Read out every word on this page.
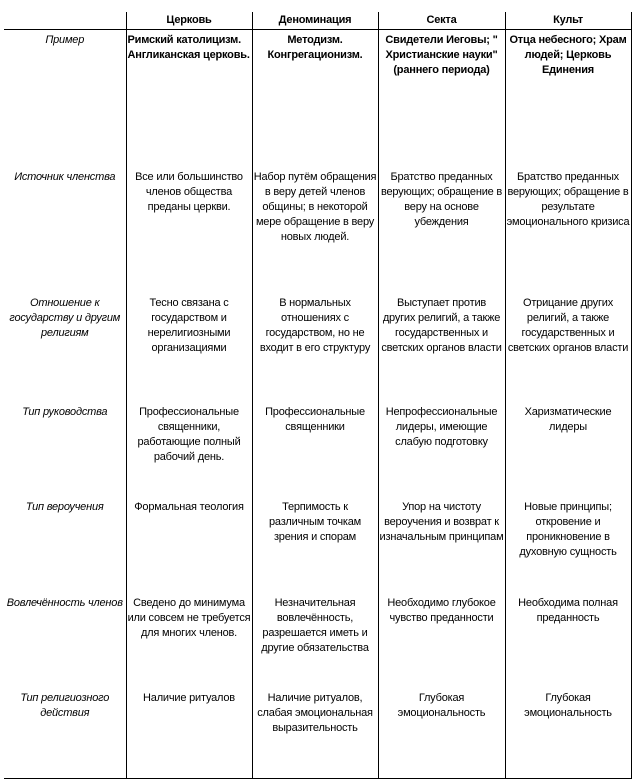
	Церковь	Деноминация	Секта	Культ
Пример	Римский католицизм. Англиканская церковь.	Методизм. Конгрегационизм.	Свидетели Иеговы; " Христианские науки" (раннего периода)	Отца небесного; Храм людей; Церковь Единения
Источник членства	Все или большинство членов общества преданы церкви.	Набор путём обращения в веру детей членов общины; в некоторой мере обращение в веру новых людей.	Братство преданных верующих; обращение в веру на основе убеждения	Братство преданных верующих; обращение в результате эмоционального кризиса
Отношение к государству и другим религиям	Тесно связана с государством и нерелигиозными организациями	В нормальных отношениях с государством, но не входит в его структуру	Выступает против других религий, а также государственных и светских органов власти	Отрицание других религий, а также государственных и светских органов власти
Тип руководства	Профессиональные священники, работающие полный рабочий день.	Профессиональные священники	Непрофессиональные лидеры, имеющие слабую подготовку	Харизматические лидеры
Тип вероучения	Формальная теология	Терпимость к различным точкам зрения и спорам	Упор на чистоту вероучения и возврат к изначальным принципам	Новые принципы; откровение и проникновение в духовную сущность
Вовлечённость членов	Сведено до минимума или совсем не требуется для многих членов.	Незначительная вовлечённость, разрешается иметь и другие обязательства	Необходимо глубокое чувство преданности	Необходима полная преданность
Тип религиозного действия	Наличие ритуалов	Наличие ритуалов, слабая эмоциональная выразительность	Глубокая эмоциональность	Глубокая эмоциональность
